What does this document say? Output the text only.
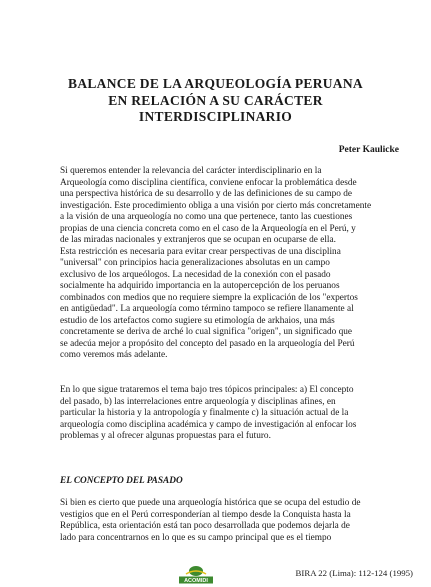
BALANCE DE LA ARQUEOLOGÍA PERUANA
EN RELACIÓN A SU CARÁCTER
INTERDISCIPLINARIO
Peter Kaulicke
Si queremos entender la relevancia del carácter interdisciplinario en la
Arqueología como disciplina científica, conviene enfocar la problemática desde
una perspectiva histórica de su desarrollo y de las definiciones de su campo de
investigación. Este procedimiento obliga a una visión por cierto más concretamente
a la visión de una arqueología no como una que pertenece, tanto las cuestiones
propias de una ciencia concreta como en el caso de la Arqueología en el Perú, y
de las miradas nacionales y extranjeros que se ocupan en ocuparse de ella.
Esta restricción es necesaria para evitar crear perspectivas de una disciplina
"universal" con principios hacia generalizaciones absolutas en un campo
exclusivo de los arqueólogos. La necesidad de la conexión con el pasado
socialmente ha adquirido importancia en la autopercepción de los peruanos
combinados con medios que no requiere siempre la explicación de los "expertos
en antigüedad". La arqueología como término tampoco se refiere llanamente al
estudio de los artefactos como sugiere su etimología de arkhaios, una más
concretamente se deriva de arché lo cual significa "origen", un significado que
se adecúa mejor a propósito del concepto del pasado en la arqueología del Perú
como veremos más adelante.
En lo que sigue trataremos el tema bajo tres tópicos principales: a) El concepto
del pasado, b) las interrelaciones entre arqueología y disciplinas afines, en
particular la historia y la antropología y finalmente c) la situación actual de la
arqueología como disciplina académica y campo de investigación al enfocar los
problemas y al ofrecer algunas propuestas para el futuro.
EL CONCEPTO DEL PASADO
Si bien es cierto que puede una arqueología histórica que se ocupa del estudio de
vestigios que en el Perú corresponderían al tiempo desde la Conquista hasta la
República, esta orientación está tan poco desarrollada que podemos dejarla de
lado para concentrarnos en lo que es su campo principal que es el tiempo
ACOMIDI
BIRA 22 (Lima): 112-124 (1995)
